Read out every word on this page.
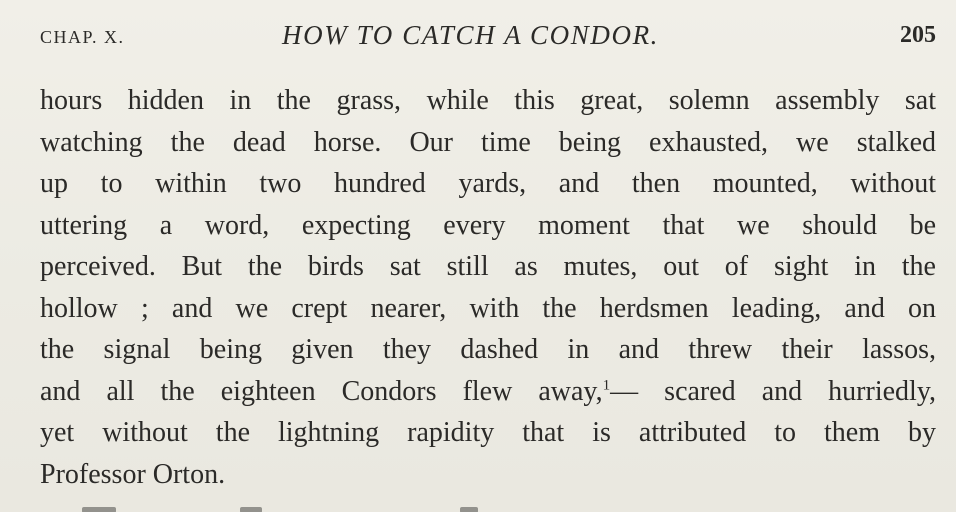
CHAP. X.	HOW TO CATCH A CONDOR.	205
hours hidden in the grass, while this great, solemn assembly sat
watching the dead horse. Our time being exhausted, we stalked
up to within two hundred yards, and then mounted, without
uttering a word, expecting every moment that we should be
perceived. But the birds sat still as mutes, out of sight in the
hollow ; and we crept nearer, with the herdsmen leading, and on
the signal being given they dashed in and threw their lassos,
and all the eighteen Condors flew away,$^1$— scared and hurriedly,
yet without the lightning rapidity that is attributed to them by
Professor Orton.
